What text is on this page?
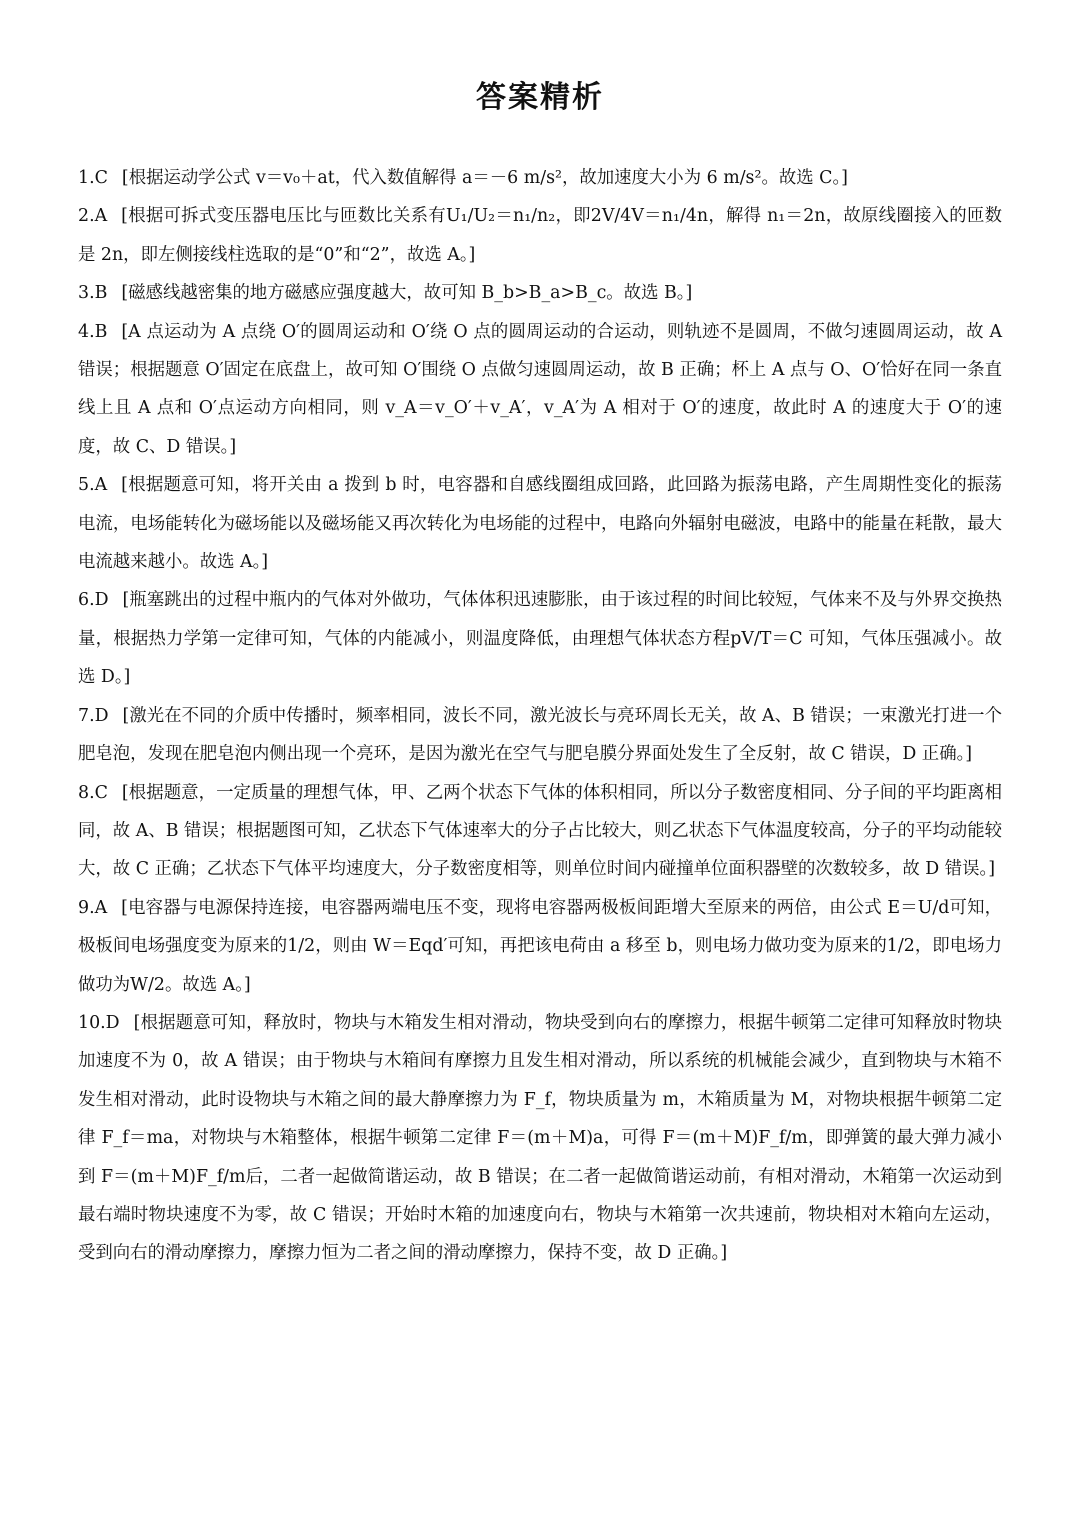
答案精析

1.C [根据运动学公式 v＝v₀＋at，代入数值解得 a＝－6 m/s²，故加速度大小为 6 m/s²。故选 C。]

2.A [根据可拆式变压器电压比与匝数比关系有U₁/U₂＝n₁/n₂，即2V/4V＝n₁/4n，解得 n₁＝2n，故原线圈接入的匝数是 2n，即左侧接线柱选取的是“0”和“2”，故选 A。]

3.B [磁感线越密集的地方磁感应强度越大，故可知 B_b>B_a>B_c。故选 B。]

4.B [A 点运动为 A 点绕 O′的圆周运动和 O′绕 O 点的圆周运动的合运动，则轨迹不是圆周，不做匀速圆周运动，故 A 错误；根据题意 O′固定在底盘上，故可知 O′围绕 O 点做匀速圆周运动，故 B 正确；杯上 A 点与 O、O′恰好在同一条直线上且 A 点和 O′点运动方向相同，则 v_A＝v_O′＋v_A′，v_A′为 A 相对于 O′的速度，故此时 A 的速度大于 O′的速度，故 C、D 错误。]

5.A [根据题意可知，将开关由 a 拨到 b 时，电容器和自感线圈组成回路，此回路为振荡电路，产生周期性变化的振荡电流，电场能转化为磁场能以及磁场能又再次转化为电场能的过程中，电路向外辐射电磁波，电路中的能量在耗散，最大电流越来越小。故选 A。]

6.D [瓶塞跳出的过程中瓶内的气体对外做功，气体体积迅速膨胀，由于该过程的时间比较短，气体来不及与外界交换热量，根据热力学第一定律可知，气体的内能减小，则温度降低，由理想气体状态方程pV/T＝C 可知，气体压强减小。故选 D。]

7.D [激光在不同的介质中传播时，频率相同，波长不同，激光波长与亮环周长无关，故 A、B 错误；一束激光打进一个肥皂泡，发现在肥皂泡内侧出现一个亮环，是因为激光在空气与肥皂膜分界面处发生了全反射，故 C 错误，D 正确。]

8.C [根据题意，一定质量的理想气体，甲、乙两个状态下气体的体积相同，所以分子数密度相同、分子间的平均距离相同，故 A、B 错误；根据题图可知，乙状态下气体速率大的分子占比较大，则乙状态下气体温度较高，分子的平均动能较大，故 C 正确；乙状态下气体平均速度大，分子数密度相等，则单位时间内碰撞单位面积器壁的次数较多，故 D 错误。]

9.A [电容器与电源保持连接，电容器两端电压不变，现将电容器两极板间距增大至原来的两倍，由公式 E＝U/d可知，极板间电场强度变为原来的1/2，则由 W＝Eqd′可知，再把该电荷由 a 移至 b，则电场力做功变为原来的1/2，即电场力做功为W/2。故选 A。]

10.D [根据题意可知，释放时，物块与木箱发生相对滑动，物块受到向右的摩擦力，根据牛顿第二定律可知释放时物块加速度不为 0，故 A 错误；由于物块与木箱间有摩擦力且发生相对滑动，所以系统的机械能会减少，直到物块与木箱不发生相对滑动，此时设物块与木箱之间的最大静摩擦力为 F_f，物块质量为 m，木箱质量为 M，对物块根据牛顿第二定律 F_f＝ma，对物块与木箱整体，根据牛顿第二定律 F＝(m＋M)a，可得 F＝(m＋M)F_f/m，即弹簧的最大弹力减小到 F＝(m＋M)F_f/m后，二者一起做简谐运动，故 B 错误；在二者一起做简谐运动前，有相对滑动，木箱第一次运动到最右端时物块速度不为零，故 C 错误；开始时木箱的加速度向右，物块与木箱第一次共速前，物块相对木箱向左运动，受到向右的滑动摩擦力，摩擦力恒为二者之间的滑动摩擦力，保持不变，故 D 正确。]
